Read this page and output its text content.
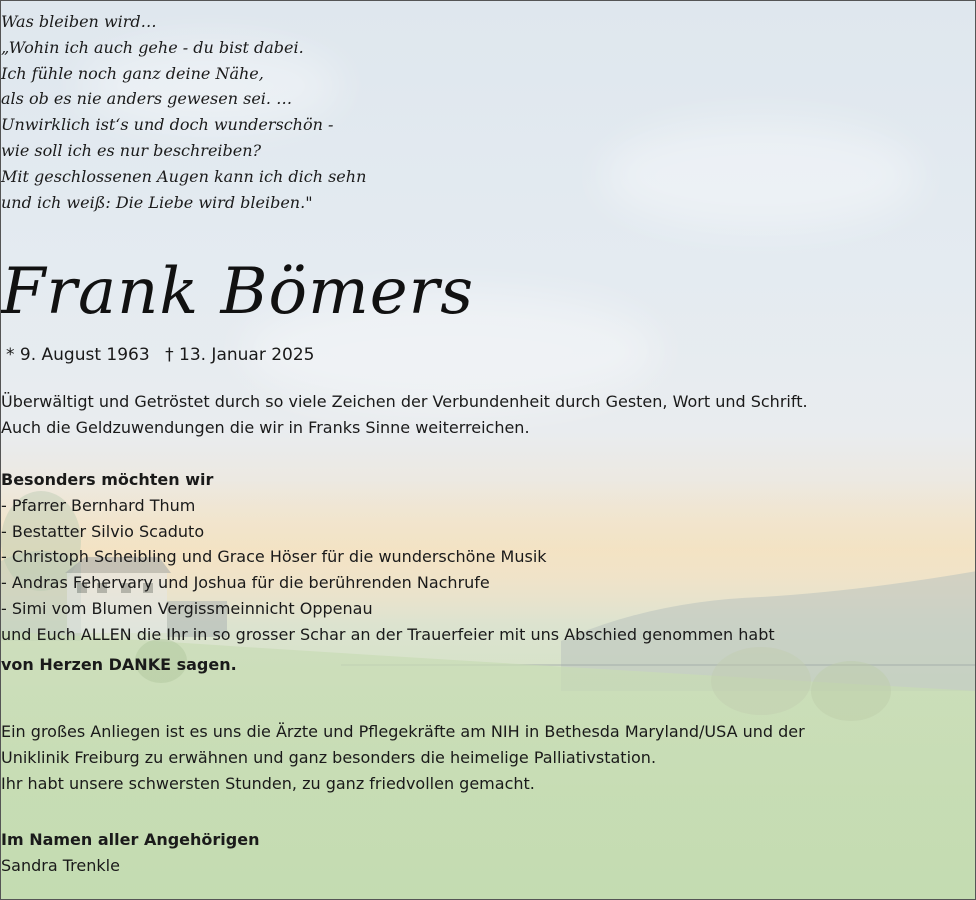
Was bleiben wird…
„Wohin ich auch gehe - du bist dabei.
Ich fühle noch ganz deine Nähe,
als ob es nie anders gewesen sei. …
Unwirklich ist‘s und doch wunderschön -
wie soll ich es nur beschreiben?
Mit geschlossenen Augen kann ich dich sehn
und ich weiß: Die Liebe wird bleiben."
Frank Bömers
* 9. August 1963 † 13. Januar 2025
Überwältigt und Getröstet durch so viele Zeichen der Verbundenheit durch Gesten, Wort und Schrift.
Auch die Geldzuwendungen die wir in Franks Sinne weiterreichen.
Besonders möchten wir
- Pfarrer Bernhard Thum
- Bestatter Silvio Scaduto
- Christoph Scheibling und Grace Höser für die wunderschöne Musik
- Andras Fehervary und Joshua für die berührenden Nachrufe
- Simi vom Blumen Vergissmeinnicht Oppenau
und Euch ALLEN die Ihr in so grosser Schar an der Trauerfeier mit uns Abschied genommen habt
von Herzen DANKE sagen.
Ein großes Anliegen ist es uns die Ärzte und Pflegekräfte am NIH in Bethesda Maryland/USA und der
Uniklinik Freiburg zu erwähnen und ganz besonders die heimelige Palliativstation.
Ihr habt unsere schwersten Stunden, zu ganz friedvollen gemacht.
Im Namen aller Angehörigen
Sandra Trenkle
